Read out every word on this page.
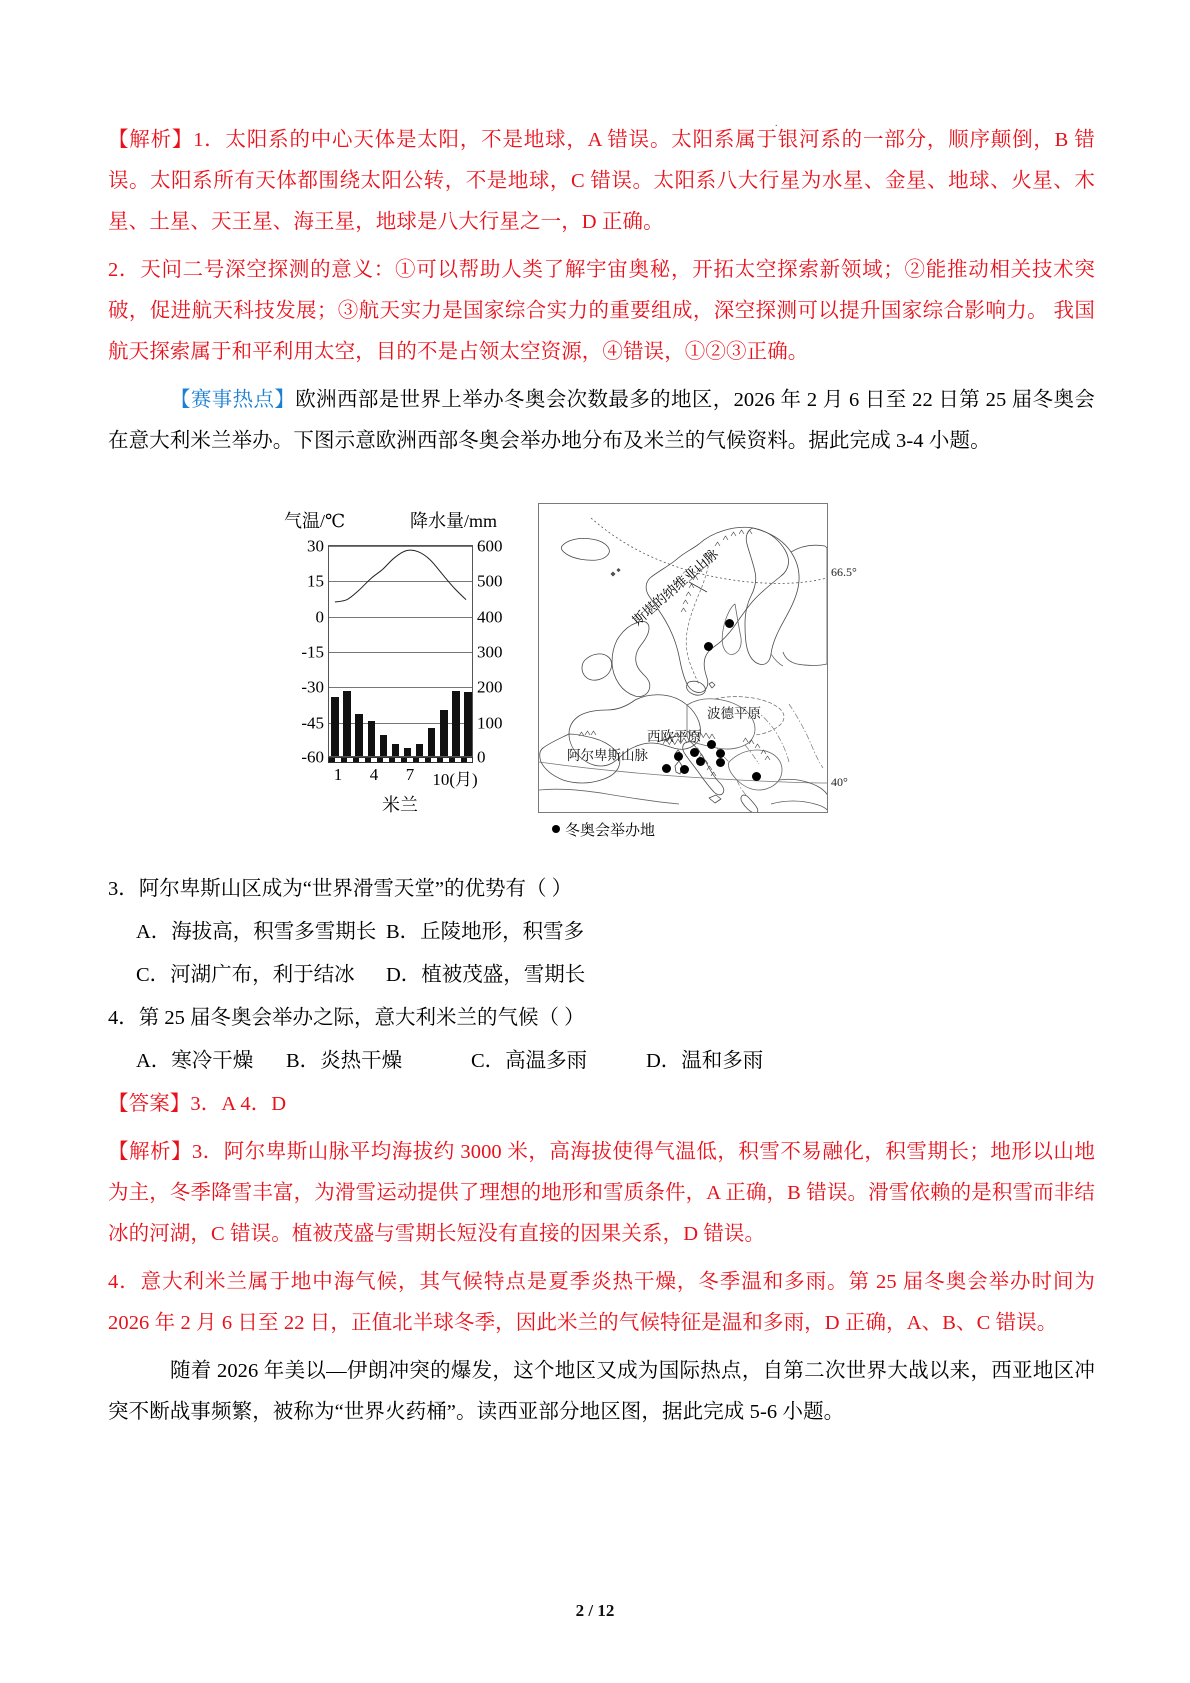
.

【解析】1．太阳系的中心天体是太阳，不是地球，A 错误。太阳系属于银河系的一部分，顺序颠倒，B 错误。太阳系所有天体都围绕太阳公转，不是地球，C 错误。太阳系八大行星为水星、金星、地球、火星、木星、土星、天王星、海王星，地球是八大行星之一，D 正确。

2．天问二号深空探测的意义：①可以帮助人类了解宇宙奥秘，开拓太空探索新领域；②能推动相关技术突破，促进航天科技发展；③航天实力是国家综合实力的重要组成，深空探测可以提升国家综合影响力。 我国航天探索属于和平利用太空，目的不是占领太空资源，④错误，①②③正确。

【赛事热点】欧洲西部是世界上举办冬奥会次数最多的地区，2026 年 2 月 6 日至 22 日第 25 届冬奥会在意大利米兰举办。下图示意欧洲西部冬奥会举办地分布及米兰的气候资料。据此完成 3-4 小题。

气温/℃	降水量/mm
30
15
0
-15
-30
-45
-60
600
500
400
300
200
100
0
1 4 7 10(月)
米兰
斯堪的纳维亚山脉
波德平原
西欧平原
阿尔卑斯山脉
66.5°
40°
冬奥会举办地

3．阿尔卑斯山区成为“世界滑雪天堂”的优势有（ ）

A．海拔高，积雪多雪期长 B．丘陵地形，积雪多
C．河湖广布，利于结冰	D．植被茂盛，雪期长

4．第 25 届冬奥会举办之际，意大利米兰的气候（ ）

A．寒冷干燥	B．炎热干燥	C．高温多雨	D．温和多雨

【答案】3．A 4．D

【解析】3．阿尔卑斯山脉平均海拔约 3000 米，高海拔使得气温低，积雪不易融化，积雪期长；地形以山地为主，冬季降雪丰富，为滑雪运动提供了理想的地形和雪质条件，A 正确，B 错误。滑雪依赖的是积雪而非结冰的河湖，C 错误。植被茂盛与雪期长短没有直接的因果关系，D 错误。

4．意大利米兰属于地中海气候，其气候特点是夏季炎热干燥，冬季温和多雨。第 25 届冬奥会举办时间为 2026 年 2 月 6 日至 22 日，正值北半球冬季，因此米兰的气候特征是温和多雨，D 正确，A、B、C 错误。

随着 2026 年美以—伊朗冲突的爆发，这个地区又成为国际热点，自第二次世界大战以来，西亚地区冲突不断战事频繁，被称为“世界火药桶”。读西亚部分地区图，据此完成 5-6 小题。

2 / 12
